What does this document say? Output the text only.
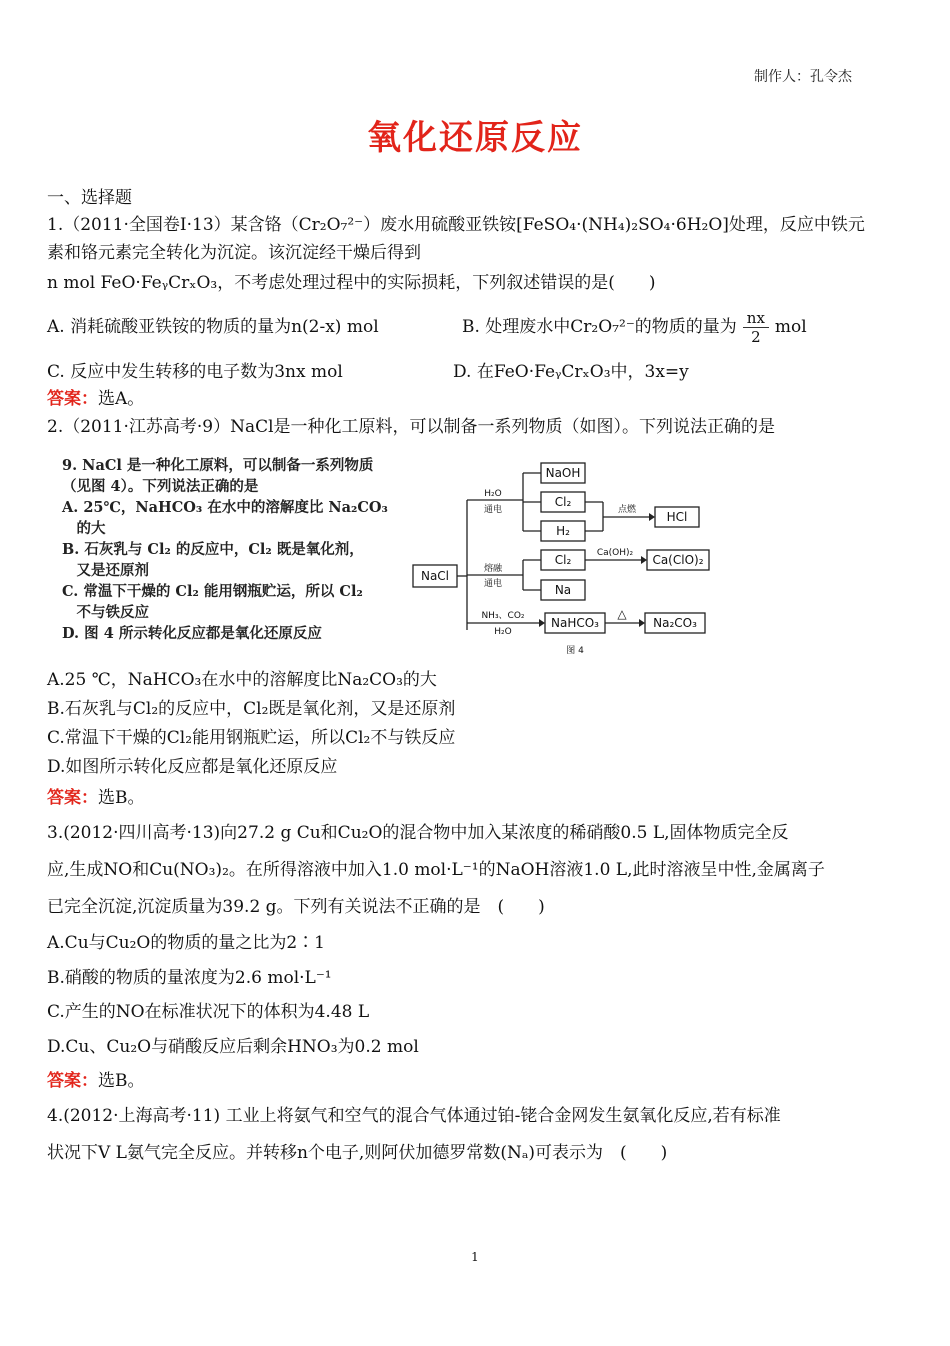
制作人：孔令杰
氧化还原反应
一、选择题
1.（2011·全国卷Ⅰ·13）某含铬（Cr₂O₇²⁻）废水用硫酸亚铁铵[FeSO₄·(NH₄)₂SO₄·6H₂O]处理，反应中铁元
素和铬元素完全转化为沉淀。该沉淀经干燥后得到
n mol FeO·FeᵧCrₓO₃，不考虑处理过程中的实际损耗，下列叙述错误的是(　　)
A. 消耗硫酸亚铁铵的物质的量为n(2-x) mol	B. 处理废水中Cr₂O₇²⁻的物质的量为 $\frac{nx}{2}$ mol
C. 反应中发生转移的电子数为3nx mol	D. 在FeO·FeᵧCrₓO₃中，3x=y
答案：选A。
2.（2011·江苏高考·9）NaCl是一种化工原料，可以制备一系列物质（如图）。下列说法正确的是
9. NaCl 是一种化工原料，可以制备一系列物质
（见图 4）。下列说法正确的是
A. 25℃，NaHCO₃ 在水中的溶解度比 Na₂CO₃
　的大
B. 石灰乳与 Cl₂ 的反应中，Cl₂ 既是氧化剂，
　又是还原剂
C. 常温下干燥的 Cl₂ 能用钢瓶贮运，所以 Cl₂
　不与铁反应
D. 图 4 所示转化反应都是氧化还原反应
NaCl
H₂O
通电
NaOH
Cl₂
H₂
点燃	HCl
熔融
通电
Cl₂
Na
Ca(OH)₂ Ca(ClO)₂
NH₃、CO₂
H₂O
NaHCO₃
△
Na₂CO₃
图 4
A.25 ℃，NaHCO₃在水中的溶解度比Na₂CO₃的大
B.石灰乳与Cl₂的反应中，Cl₂既是氧化剂，又是还原剂
C.常温下干燥的Cl₂能用钢瓶贮运，所以Cl₂不与铁反应
D.如图所示转化反应都是氧化还原反应
答案：选B。
3.(2012·四川高考·13)向27.2 g Cu和Cu₂O的混合物中加入某浓度的稀硝酸0.5 L,固体物质完全反
应,生成NO和Cu(NO₃)₂。在所得溶液中加入1.0 mol·L⁻¹的NaOH溶液1.0 L,此时溶液呈中性,金属离子
已完全沉淀,沉淀质量为39.2 g。下列有关说法不正确的是　(　　)
A.Cu与Cu₂O的物质的量之比为2∶1
B.硝酸的物质的量浓度为2.6 mol·L⁻¹
C.产生的NO在标准状况下的体积为4.48 L
D.Cu、Cu₂O与硝酸反应后剩余HNO₃为0.2 mol
答案：选B。
4.(2012·上海高考·11) 工业上将氨气和空气的混合气体通过铂-铑合金网发生氨氧化反应,若有标准
状况下V L氨气完全反应。并转移n个电子,则阿伏加德罗常数(Nₐ)可表示为　(　　)
1
